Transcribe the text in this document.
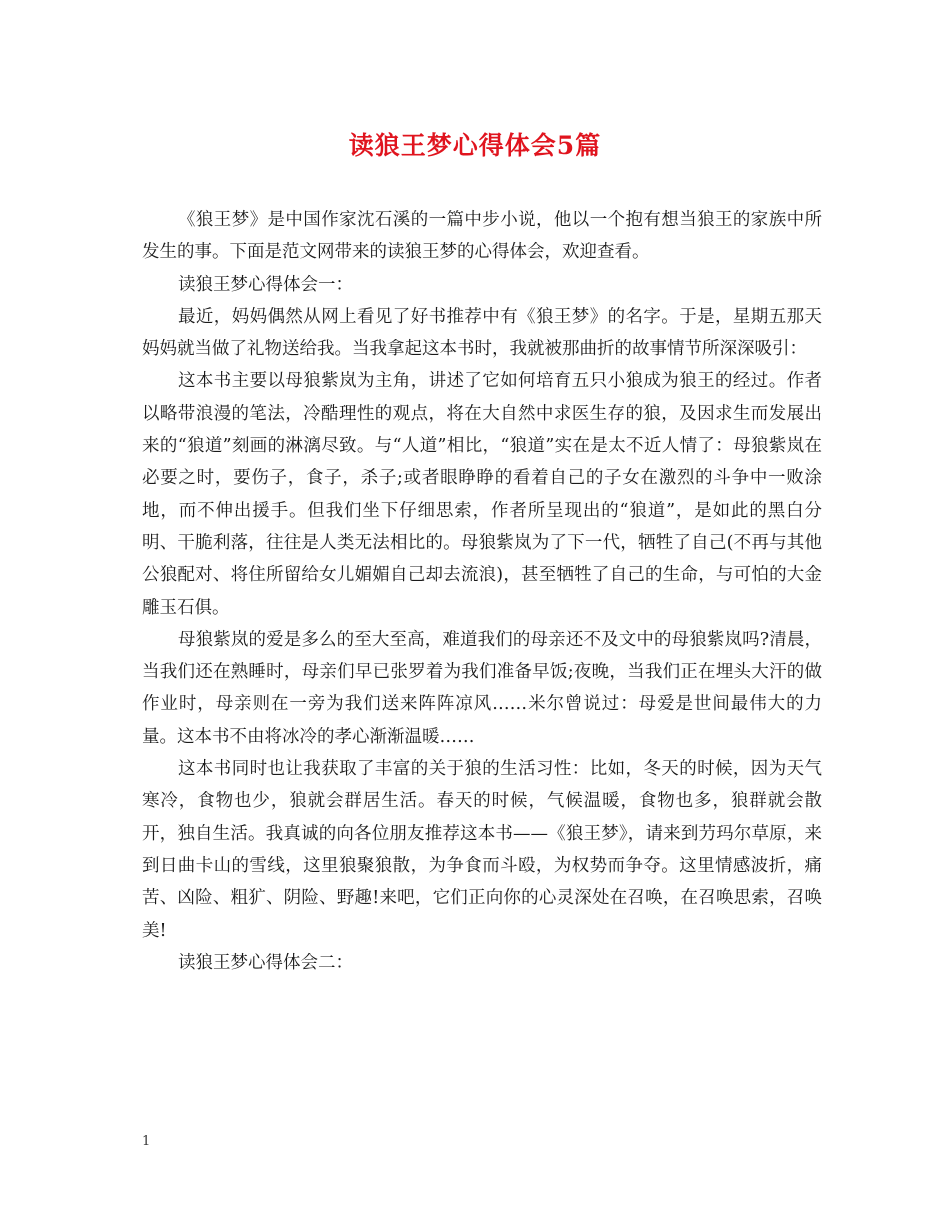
读狼王梦心得体会5篇

《狼王梦》是中国作家沈石溪的一篇中步小说，他以一个抱有想当狼王的家族中所发生的事。下面是范文网带来的读狼王梦的心得体会，欢迎查看。

读狼王梦心得体会一：

最近，妈妈偶然从网上看见了好书推荐中有《狼王梦》的名字。于是，星期五那天妈妈就当做了礼物送给我。当我拿起这本书时，我就被那曲折的故事情节所深深吸引：

这本书主要以母狼紫岚为主角，讲述了它如何培育五只小狼成为狼王的经过。作者以略带浪漫的笔法，冷酷理性的观点，将在大自然中求医生存的狼，及因求生而发展出来的“狼道”刻画的淋漓尽致。与“人道”相比，“狼道”实在是太不近人情了：母狼紫岚在必要之时，要伤子，食子，杀子;或者眼睁睁的看着自己的子女在激烈的斗争中一败涂地，而不伸出援手。但我们坐下仔细思索，作者所呈现出的“狼道”，是如此的黑白分明、干脆利落，往往是人类无法相比的。母狼紫岚为了下一代，牺牲了自己(不再与其他公狼配对、将住所留给女儿媚媚自己却去流浪)，甚至牺牲了自己的生命，与可怕的大金雕玉石俱。

母狼紫岚的爱是多么的至大至高，难道我们的母亲还不及文中的母狼紫岚吗?清晨，当我们还在熟睡时，母亲们早已张罗着为我们准备早饭;夜晚，当我们正在埋头大汗的做作业时，母亲则在一旁为我们送来阵阵凉风……米尔曾说过：母爱是世间最伟大的力量。这本书不由将冰冷的孝心渐渐温暖……

这本书同时也让我获取了丰富的关于狼的生活习性：比如，冬天的时候，因为天气寒冷，食物也少，狼就会群居生活。春天的时候，气候温暖，食物也多，狼群就会散开，独自生活。我真诚的向各位朋友推荐这本书——《狼王梦》，请来到芀玛尔草原，来到日曲卡山的雪线，这里狼聚狼散，为争食而斗殴，为权势而争夺。这里情感波折，痛苦、凶险、粗犷、阴险、野趣!来吧，它们正向你的心灵深处在召唤，在召唤思索，召唤美!

读狼王梦心得体会二：

1
